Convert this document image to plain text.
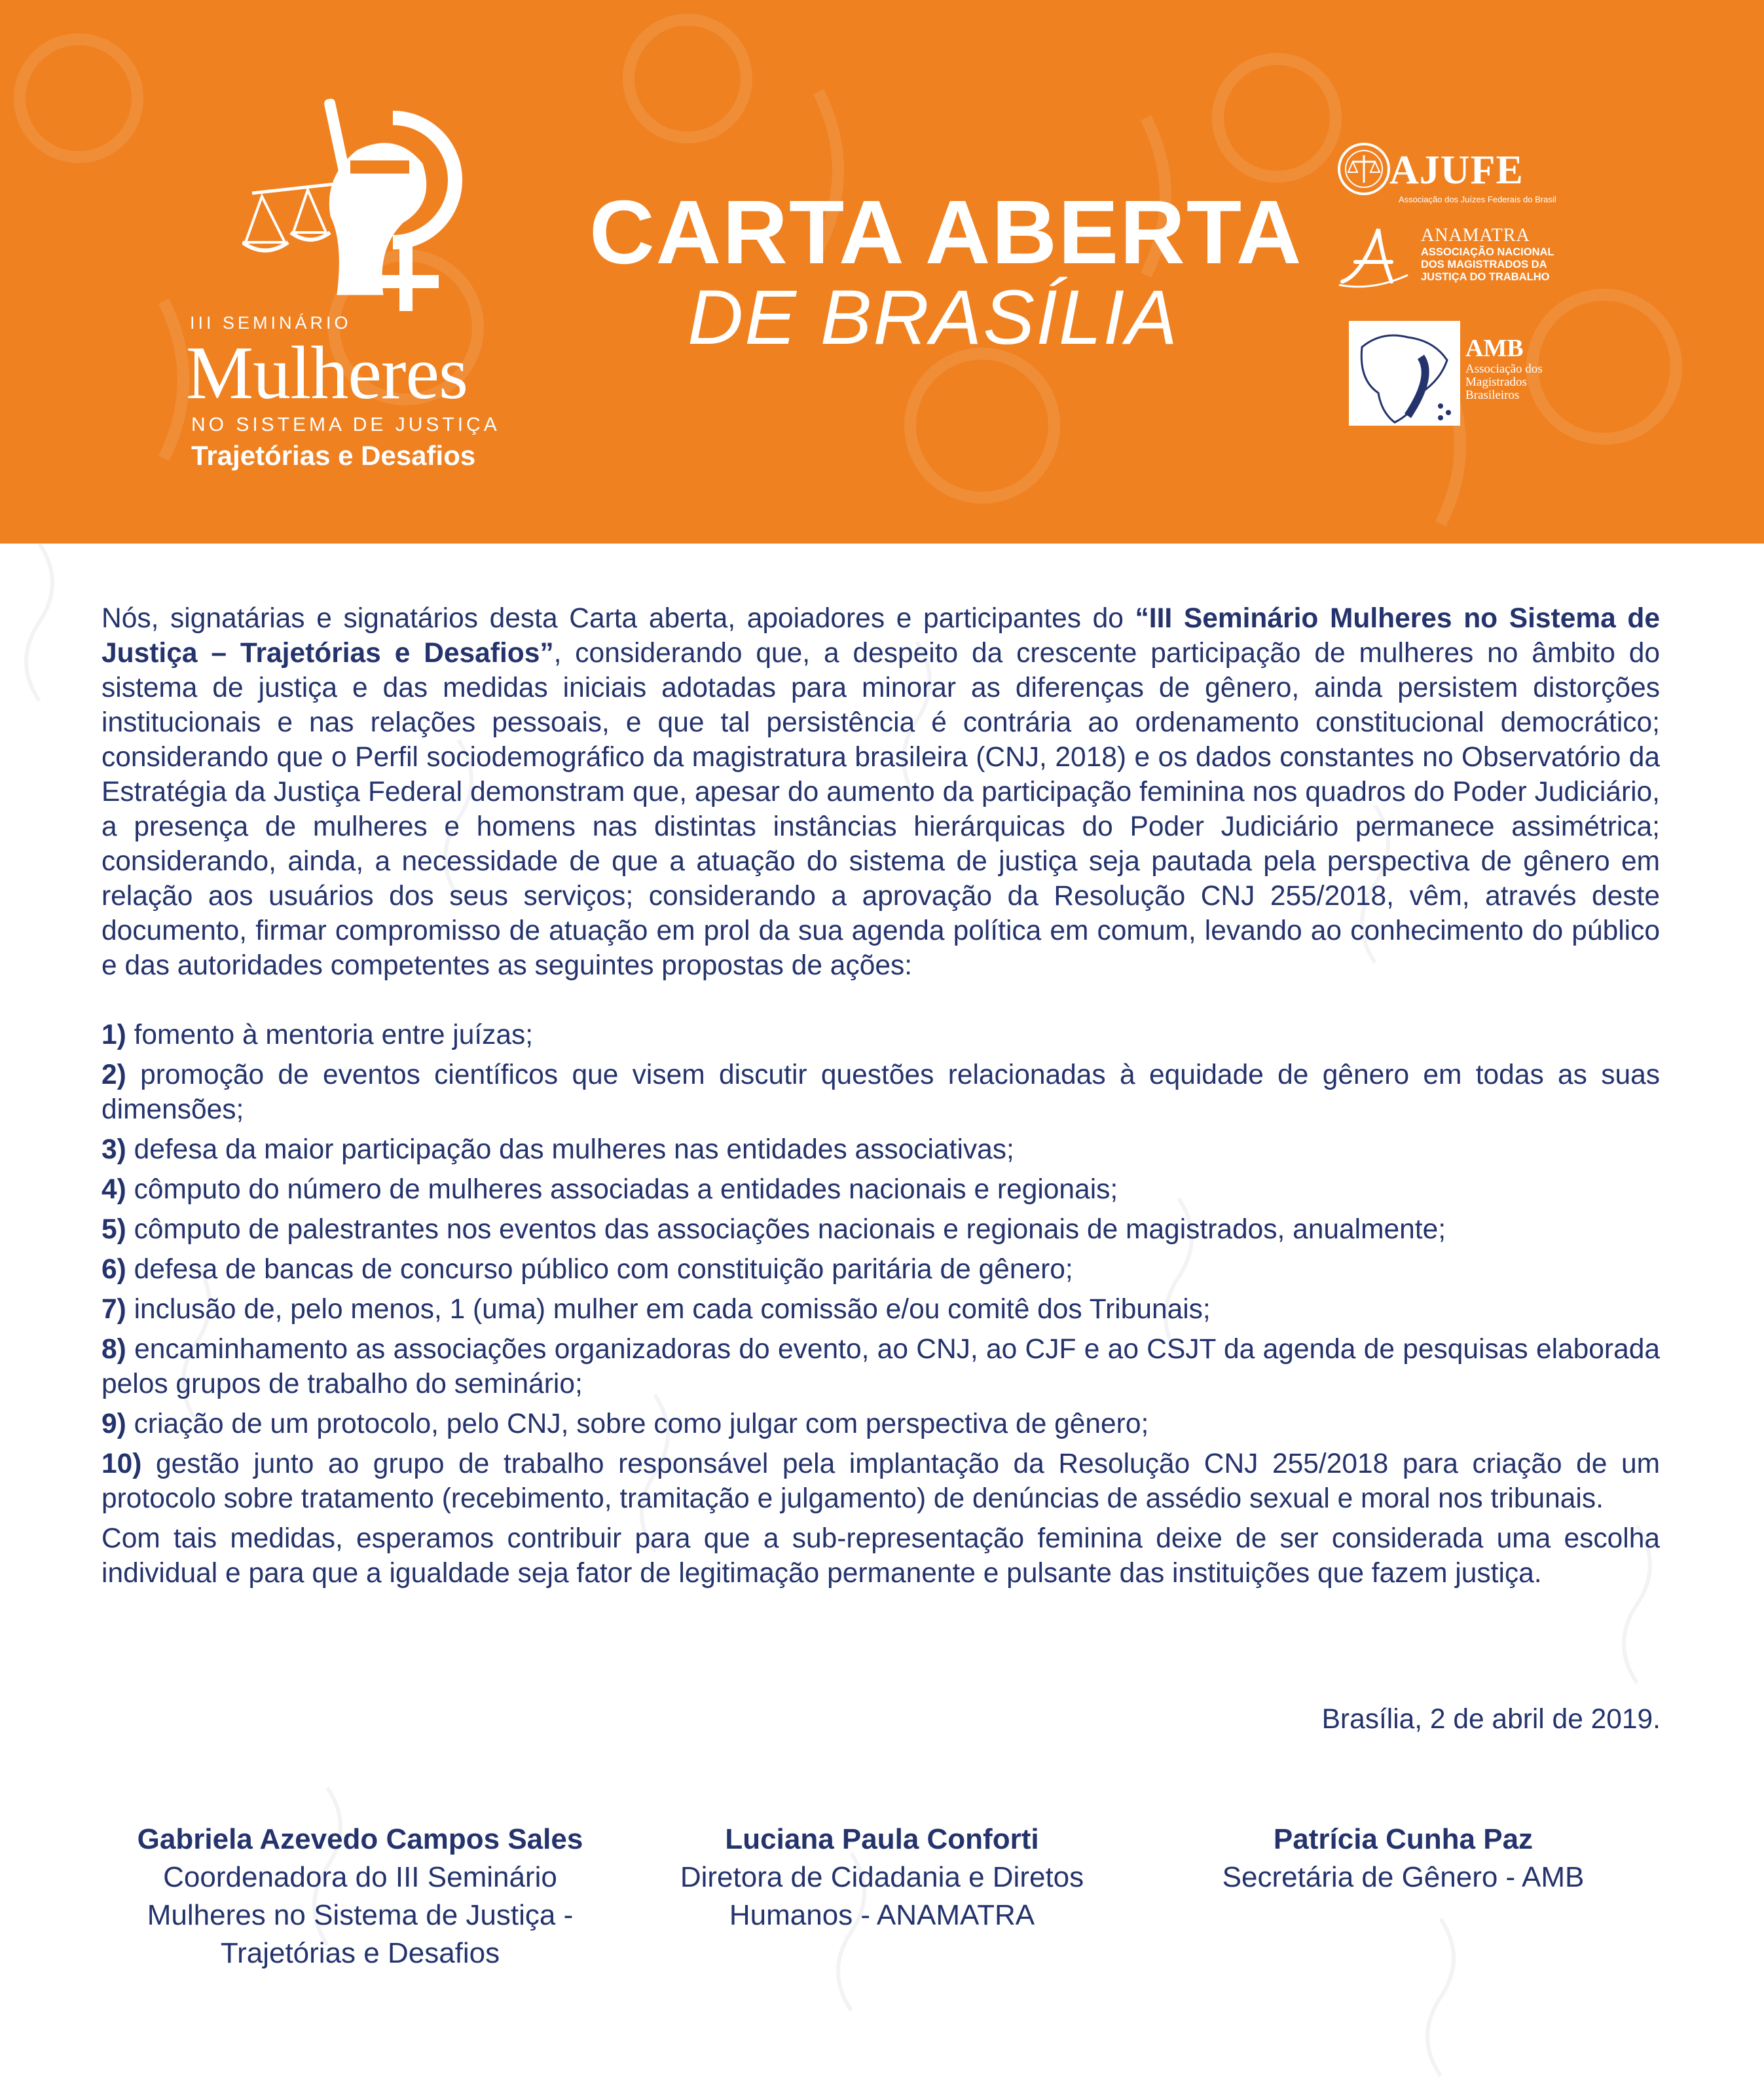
III SEMINÁRIO
Mulheres
NO SISTEMA DE JUSTIÇA
Trajetórias e Desafios
CARTA ABERTA
DE BRASÍLIA
AJUFE
Associação dos Juízes Federais do Brasil
ANAMATRA
ASSOCIAÇÃO NACIONAL
DOS MAGISTRADOS DA
JUSTIÇA DO TRABALHO
AMB
Associação dos
Magistrados
Brasileiros

Nós, signatárias e signatários desta Carta aberta, apoiadores e participantes do “III Seminário Mulheres no Sistema de Justiça – Trajetórias e Desafios”, considerando que, a despeito da crescente participação de mulheres no âmbito do sistema de justiça e das medidas iniciais adotadas para minorar as diferenças de gênero, ainda persistem distorções institucionais e nas relações pessoais, e que tal persistência é contrária ao ordenamento constitucional democrático; considerando que o Perfil sociodemográfico da magistratura brasileira (CNJ, 2018) e os dados constantes no Observatório da Estratégia da Justiça Federal demonstram que, apesar do aumento da participação feminina nos quadros do Poder Judiciário, a presença de mulheres e homens nas distintas instâncias hierárquicas do Poder Judiciário permanece assimétrica; considerando, ainda, a necessidade de que a atuação do sistema de justiça seja pautada pela perspectiva de gênero em relação aos usuários dos seus serviços; considerando a aprovação da Resolução CNJ 255/2018, vêm, através deste documento, firmar compromisso de atuação em prol da sua agenda política em comum, levando ao conhecimento do público e das autoridades competentes as seguintes propostas de ações:

1) fomento à mentoria entre juízas;

2) promoção de eventos científicos que visem discutir questões relacionadas à equidade de gênero em todas as suas dimensões;

3) defesa da maior participação das mulheres nas entidades associativas;

4) cômputo do número de mulheres associadas a entidades nacionais e regionais;

5) cômputo de palestrantes nos eventos das associações nacionais e regionais de magistrados, anualmente;

6) defesa de bancas de concurso público com constituição paritária de gênero;

7) inclusão de, pelo menos, 1 (uma) mulher em cada comissão e/ou comitê dos Tribunais;

8) encaminhamento as associações organizadoras do evento, ao CNJ, ao CJF e ao CSJT da agenda de pesquisas elaborada pelos grupos de trabalho do seminário;

9) criação de um protocolo, pelo CNJ, sobre como julgar com perspectiva de gênero;

10) gestão junto ao grupo de trabalho responsável pela implantação da Resolução CNJ 255/2018 para criação de um protocolo sobre tratamento (recebimento, tramitação e julgamento) de denúncias de assédio sexual e moral nos tribunais.

Com tais medidas, esperamos contribuir para que a sub-representação feminina deixe de ser considerada uma escolha individual e para que a igualdade seja fator de legitimação permanente e pulsante das instituições que fazem justiça.

Brasília, 2 de abril de 2019.
Gabriela Azevedo Campos Sales
Coordenadora do III Seminário
Mulheres no Sistema de Justiça -
Trajetórias e Desafios
Luciana Paula Conforti
Diretora de Cidadania e Diretos
Humanos - ANAMATRA
Patrícia Cunha Paz
Secretária de Gênero - AMB
